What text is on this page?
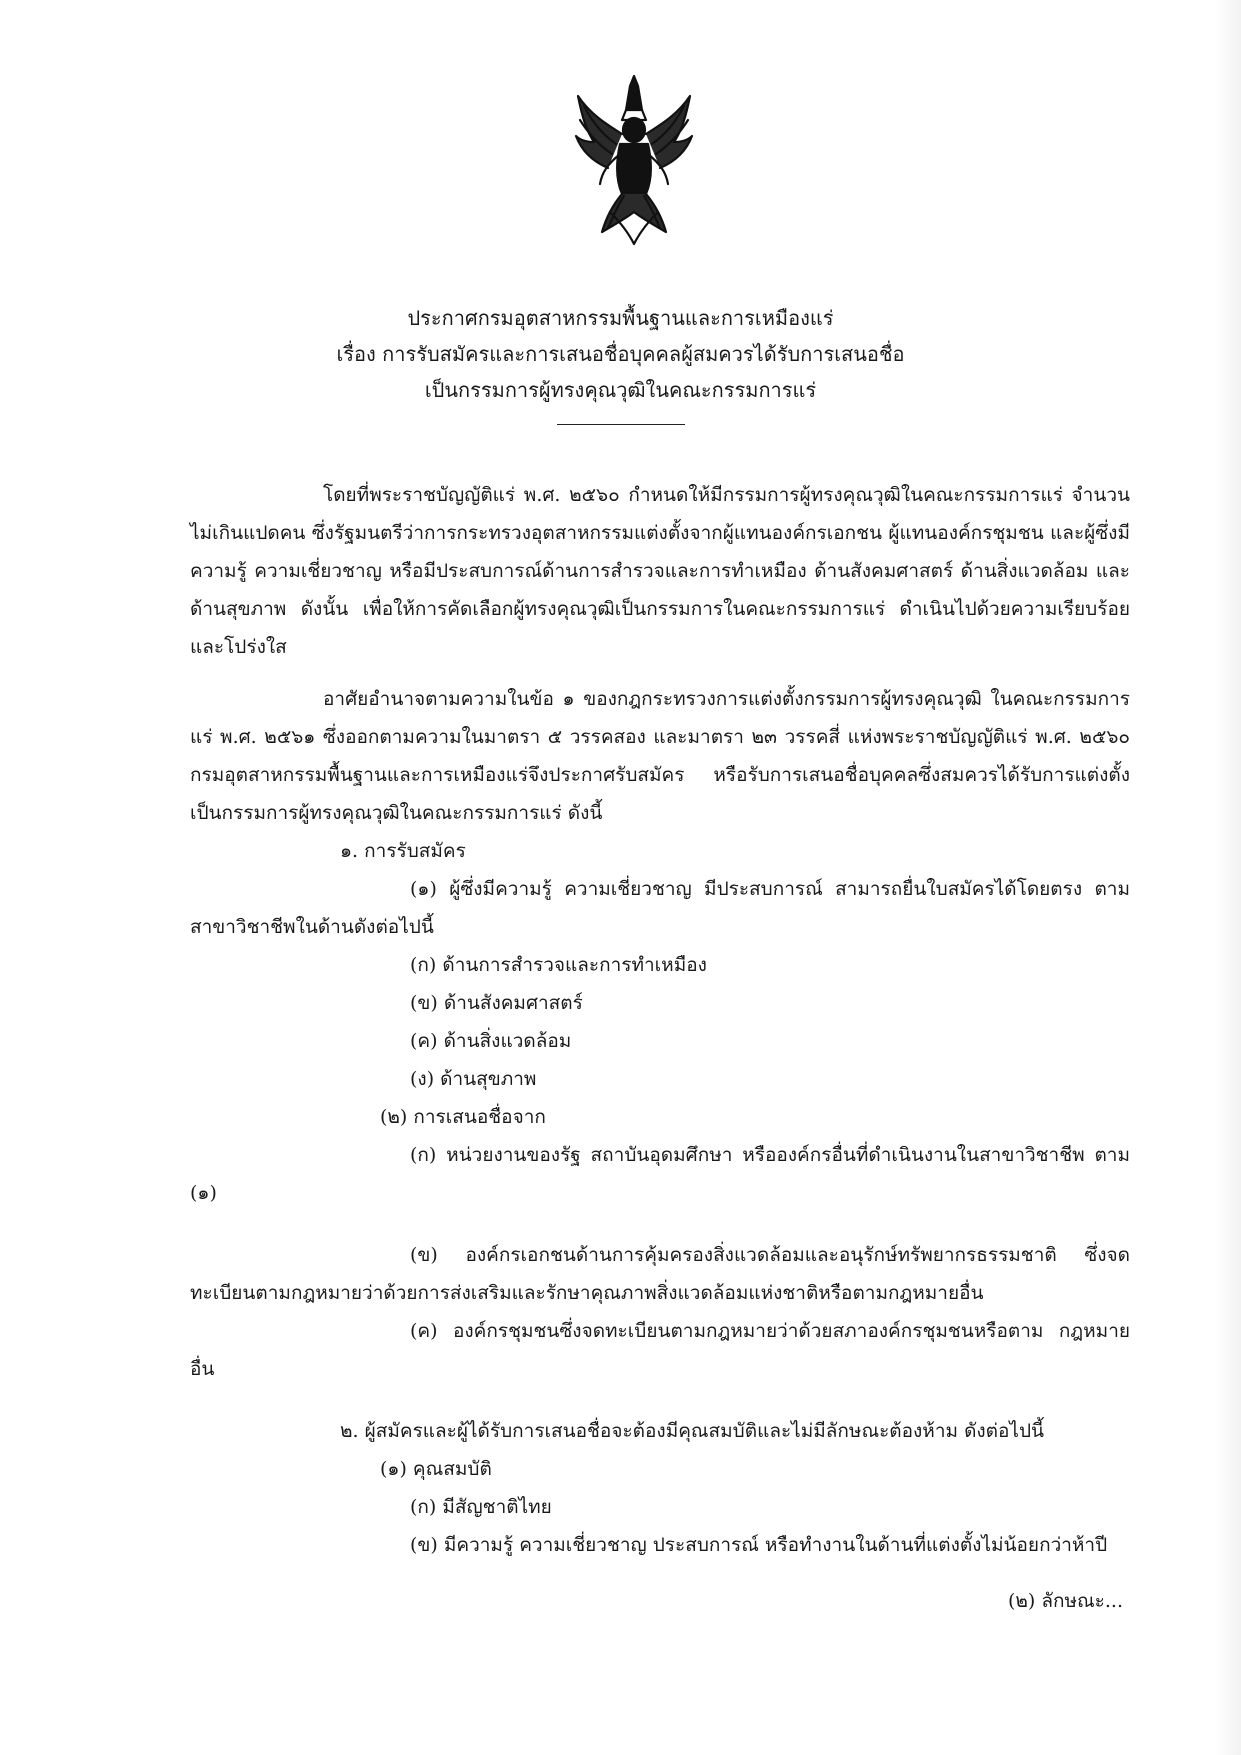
ประกาศกรมอุตสาหกรรมพื้นฐานและการเหมืองแร่
เรื่อง การรับสมัครและการเสนอชื่อบุคคลผู้สมควรได้รับการเสนอชื่อ
เป็นกรรมการผู้ทรงคุณวุฒิในคณะกรรมการแร่
โดยที่พระราชบัญญัติแร่ พ.ศ. ๒๕๖๐ กำหนดให้มีกรรมการผู้ทรงคุณวุฒิในคณะกรรมการแร่ จำนวนไม่เกินแปดคน ซึ่งรัฐมนตรีว่าการกระทรวงอุตสาหกรรมแต่งตั้งจากผู้แทนองค์กรเอกชน ผู้แทนองค์กรชุมชน และผู้ซึ่งมีความรู้ ความเชี่ยวชาญ หรือมีประสบการณ์ด้านการสำรวจและการทำเหมือง ด้านสังคมศาสตร์ ด้านสิ่งแวดล้อม และด้านสุขภาพ ดังนั้น เพื่อให้การคัดเลือกผู้ทรงคุณวุฒิเป็นกรรมการในคณะกรรมการแร่ ดำเนินไปด้วยความเรียบร้อยและโปร่งใส
อาศัยอำนาจตามความในข้อ ๑ ของกฎกระทรวงการแต่งตั้งกรรมการผู้ทรงคุณวุฒิ ในคณะกรรมการแร่ พ.ศ. ๒๕๖๑ ซึ่งออกตามความในมาตรา ๕ วรรคสอง และมาตรา ๒๓ วรรคสี่ แห่งพระราชบัญญัติแร่ พ.ศ. ๒๕๖๐ กรมอุตสาหกรรมพื้นฐานและการเหมืองแร่จึงประกาศรับสมัคร หรือรับการเสนอชื่อบุคคลซึ่งสมควรได้รับการแต่งตั้งเป็นกรรมการผู้ทรงคุณวุฒิในคณะกรรมการแร่ ดังนี้
๑. การรับสมัคร
(๑) ผู้ซึ่งมีความรู้ ความเชี่ยวชาญ มีประสบการณ์ สามารถยื่นใบสมัครได้โดยตรง ตามสาขาวิชาชีพในด้านดังต่อไปนี้
(ก) ด้านการสำรวจและการทำเหมือง
(ข) ด้านสังคมศาสตร์
(ค) ด้านสิ่งแวดล้อม
(ง) ด้านสุขภาพ
(๒) การเสนอชื่อจาก
(ก) หน่วยงานของรัฐ สถาบันอุดมศึกษา หรือองค์กรอื่นที่ดำเนินงานในสาขาวิชาชีพ ตาม (๑)
(ข) องค์กรเอกชนด้านการคุ้มครองสิ่งแวดล้อมและอนุรักษ์ทรัพยากรธรรมชาติ ซึ่งจดทะเบียนตามกฎหมายว่าด้วยการส่งเสริมและรักษาคุณภาพสิ่งแวดล้อมแห่งชาติหรือตามกฎหมายอื่น
(ค) องค์กรชุมชนซึ่งจดทะเบียนตามกฎหมายว่าด้วยสภาองค์กรชุมชนหรือตาม กฎหมายอื่น
๒. ผู้สมัครและผู้ได้รับการเสนอชื่อจะต้องมีคุณสมบัติและไม่มีลักษณะต้องห้าม ดังต่อไปนี้
(๑) คุณสมบัติ
(ก) มีสัญชาติไทย
(ข) มีความรู้ ความเชี่ยวชาญ ประสบการณ์ หรือทำงานในด้านที่แต่งตั้งไม่น้อยกว่าห้าปี
(๒) ลักษณะ...
